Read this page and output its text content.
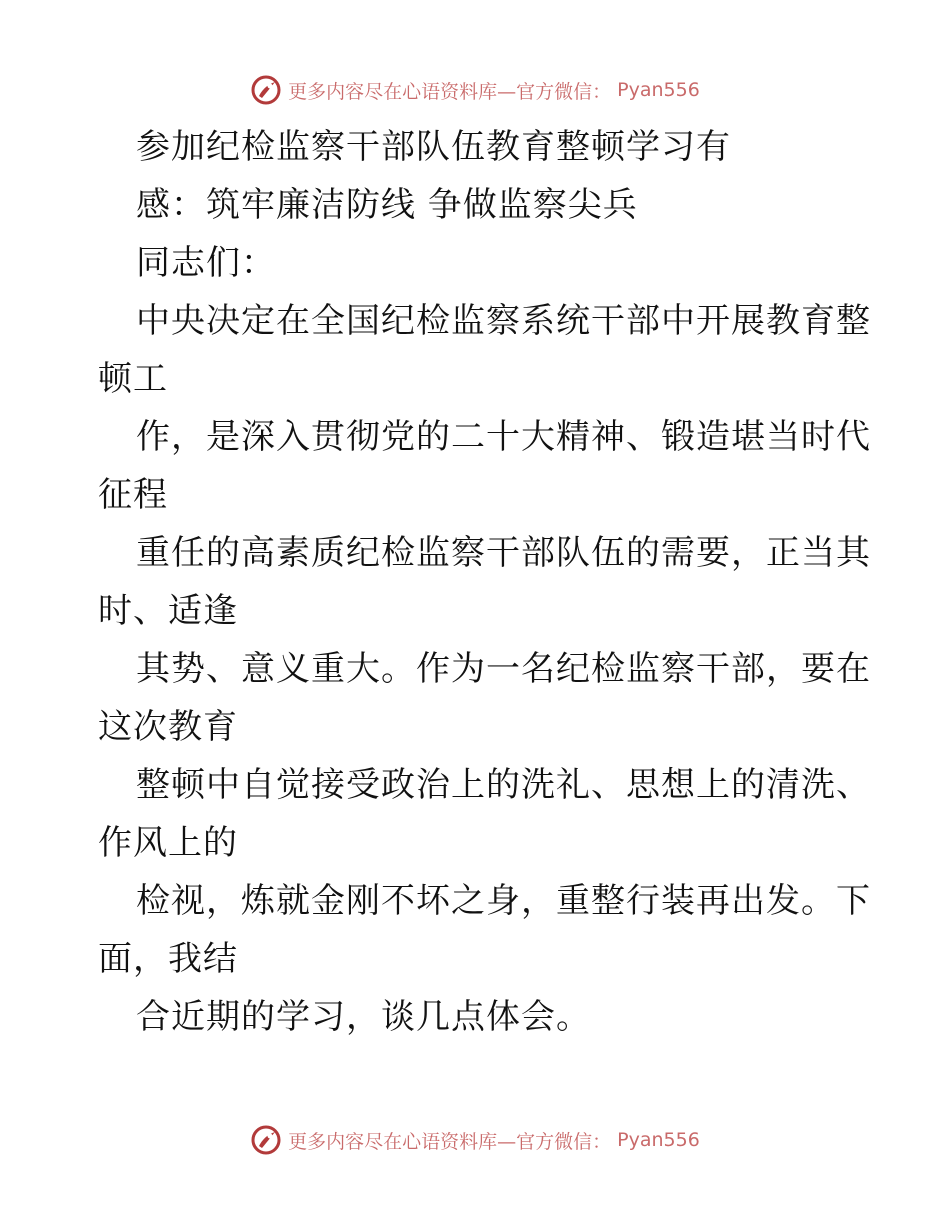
更多内容尽在心语资料库—官方微信： Pyan556
参加纪检监察干部队伍教育整顿学习有
感：筑牢廉洁防线 争做监察尖兵
同志们：
中央决定在全国纪检监察系统干部中开展教育整
顿工
作，是深入贯彻党的二十大精神、锻造堪当时代
征程
重任的高素质纪检监察干部队伍的需要，正当其
时、适逢
其势、意义重大。作为一名纪检监察干部，要在
这次教育
整顿中自觉接受政治上的洗礼、思想上的清洗、
作风上的
检视，炼就金刚不坏之身，重整行装再出发。下
面，我结
合近期的学习，谈几点体会。
更多内容尽在心语资料库—官方微信： Pyan556
